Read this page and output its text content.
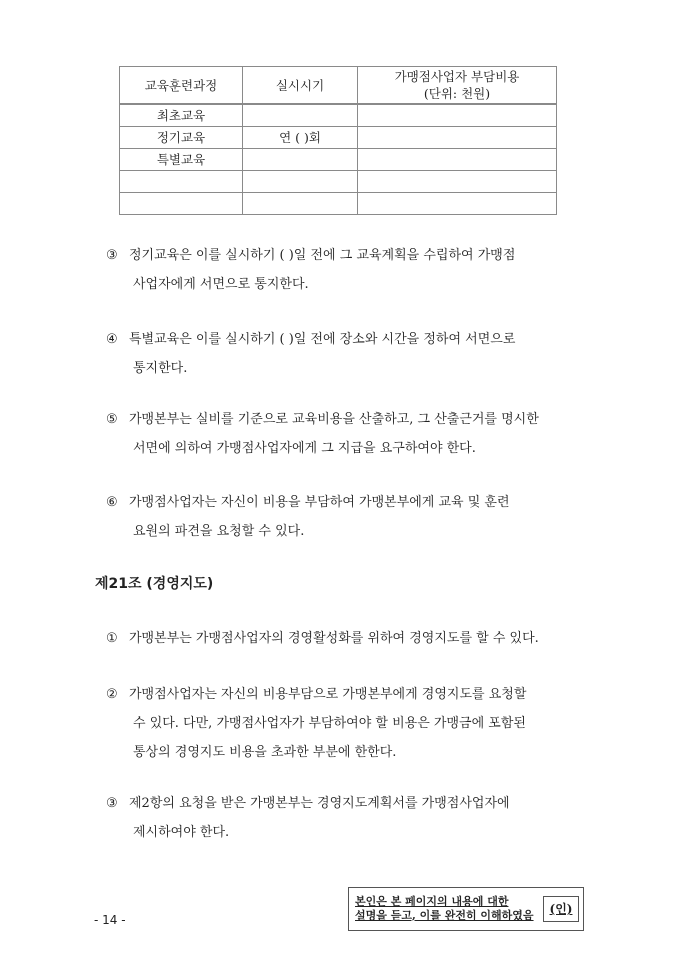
교육훈련과정	실시시기	가맹점사업자 부담비용
(단위: 천원)
최초교육		
정기교육	연 ( )회	
특별교육		

③ 정기교육은 이를 실시하기 ( )일 전에 그 교육계획을 수립하여 가맹점
사업자에게 서면으로 통지한다.
④ 특별교육은 이를 실시하기 ( )일 전에 장소와 시간을 정하여 서면으로
통지한다.
⑤ 가맹본부는 실비를 기준으로 교육비용을 산출하고, 그 산출근거를 명시한
서면에 의하여 가맹점사업자에게 그 지급을 요구하여야 한다.
⑥ 가맹점사업자는 자신이 비용을 부담하여 가맹본부에게 교육 및 훈련
요원의 파견을 요청할 수 있다.
제21조 (경영지도)
① 가맹본부는 가맹점사업자의 경영활성화를 위하여 경영지도를 할 수 있다.
② 가맹점사업자는 자신의 비용부담으로 가맹본부에게 경영지도를 요청할
수 있다. 다만, 가맹점사업자가 부담하여야 할 비용은 가맹금에 포함된
통상의 경영지도 비용을 초과한 부분에 한한다.
③ 제2항의 요청을 받은 가맹본부는 경영지도계획서를 가맹점사업자에
제시하여야 한다.
본인은 본 페이지의 내용에 대한
설명을 듣고, 이를 완전히 이해하였음	(인)
- 14 -
